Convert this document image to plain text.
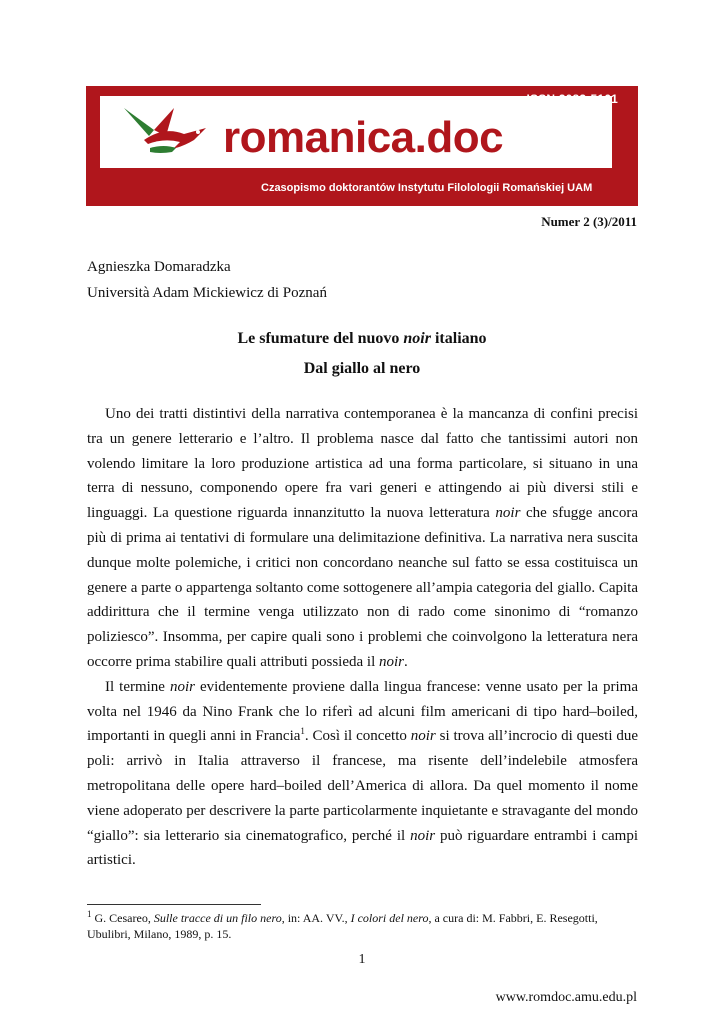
ISSN 2082-5161
romanica.doc
Czasopismo doktorantów Instytutu Filolologii Romańskiej UAM
Numer 2 (3)/2011
Agnieszka Domaradzka
Università Adam Mickiewicz di Poznań
Le sfumature del nuovo noir italiano
Dal giallo al nero

Uno dei tratti distintivi della narrativa contemporanea è la mancanza di confini precisi tra un genere letterario e l’altro. Il problema nasce dal fatto che tantissimi autori non volendo limitare la loro produzione artistica ad una forma particolare, si situano in una terra di nessuno, componendo opere fra vari generi e attingendo ai più diversi stili e linguaggi. La questione riguarda innanzitutto la nuova letteratura noir che sfugge ancora più di prima ai tentativi di formulare una delimitazione definitiva. La narrativa nera suscita dunque molte polemiche, i critici non concordano neanche sul fatto se essa costituisca un genere a parte o appartenga soltanto come sottogenere all’ampia categoria del giallo. Capita addirittura che il termine venga utilizzato non di rado come sinonimo di “romanzo poliziesco”. Insomma, per capire quali sono i problemi che coinvolgono la letteratura nera occorre prima stabilire quali attributi possieda il noir.

Il termine noir evidentemente proviene dalla lingua francese: venne usato per la prima volta nel 1946 da Nino Frank che lo riferì ad alcuni film americani di tipo hard–boiled, importanti in quegli anni in Francia$^1$. Così il concetto noir si trova all’incrocio di questi due poli: arrivò in Italia attraverso il francese, ma risente dell’indelebile atmosfera metropolitana delle opere hard–boiled dell’America di allora. Da quel momento il nome viene adoperato per descrivere la parte particolarmente inquietante e stravagante del mondo “giallo”: sia letterario sia cinematografico, perché il noir può riguardare entrambi i campi artistici.

$^1$ G. Cesareo, Sulle tracce di un filo nero, in: AA. VV., I colori del nero, a cura di: M. Fabbri, E. Resegotti, Ubulibri, Milano, 1989, p. 15.
1
www.romdoc.amu.edu.pl
